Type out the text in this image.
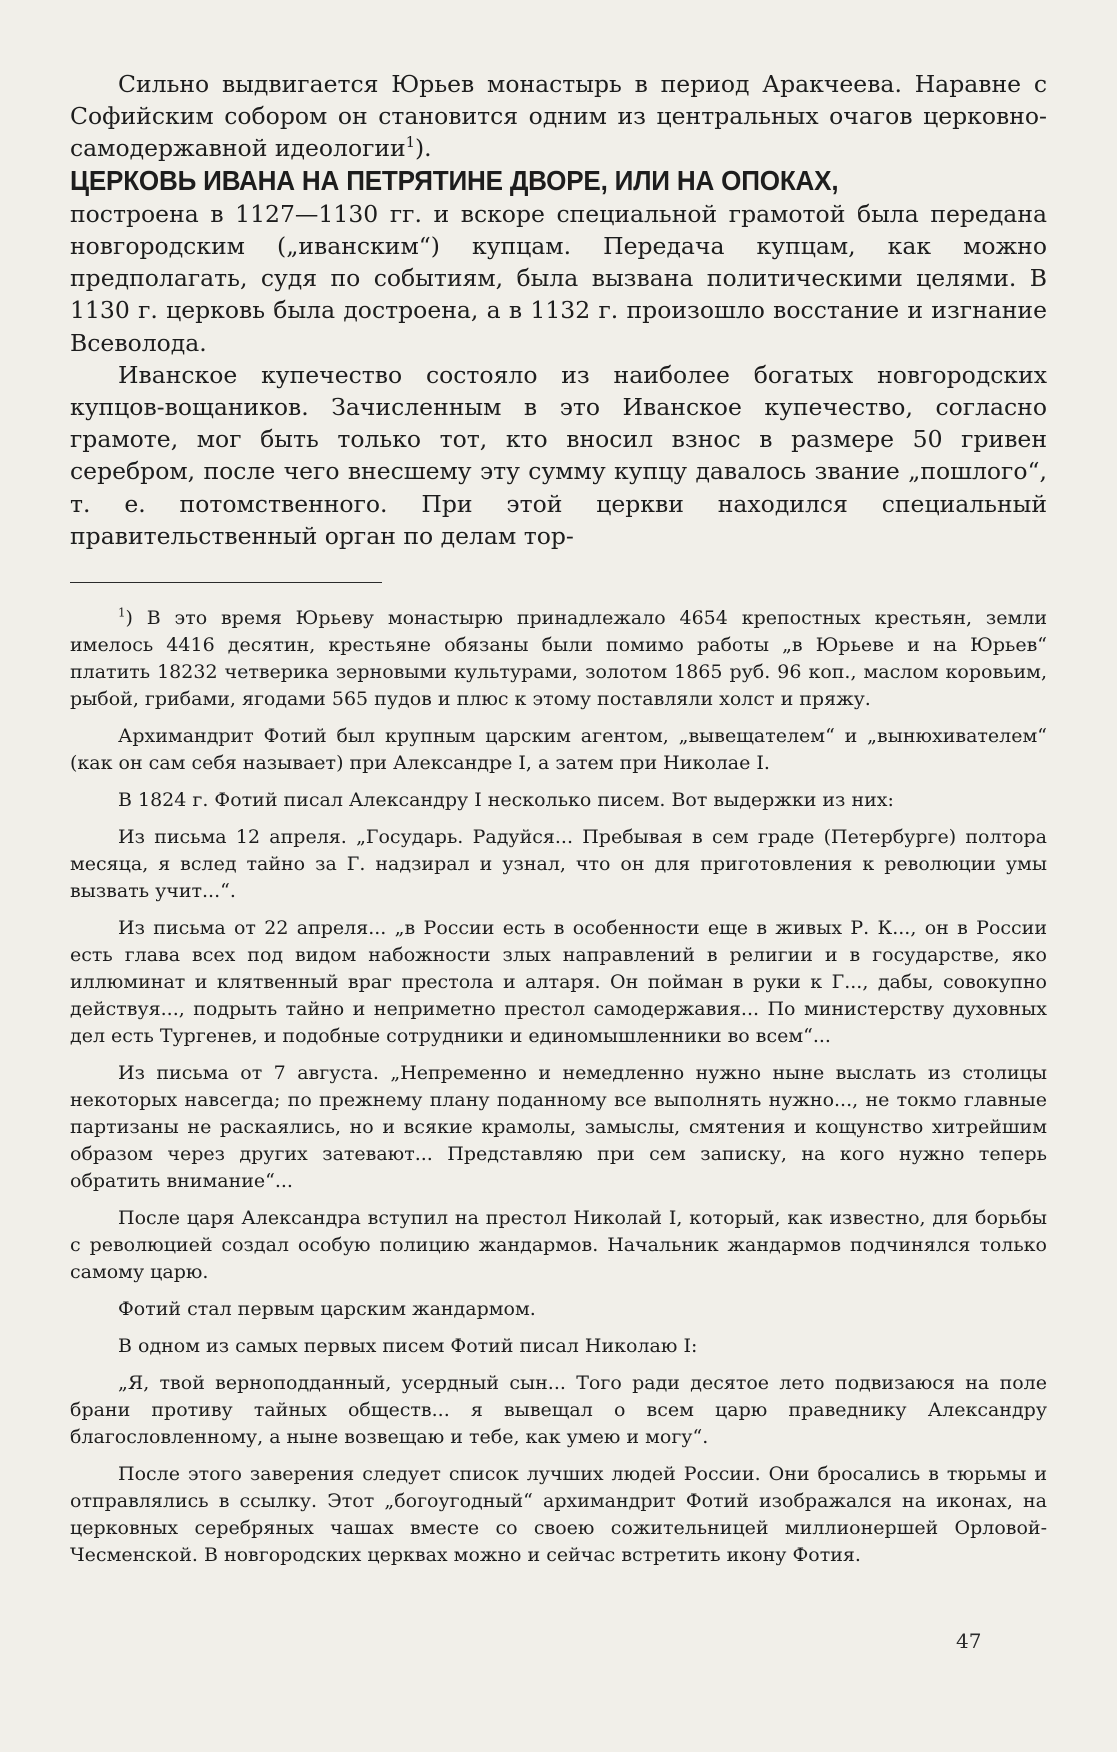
Сильно выдвигается Юрьев монастырь в период Аракчеева. Наравне с Софийским собором он становится одним из центральных очагов церковно-самодержавной идеологии$^1$).

ЦЕРКОВЬ ИВАНА НА ПЕТРЯТИНЕ ДВОРЕ, ИЛИ НА ОПОКАХ,

построена в 1127—1130 гг. и вскоре специальной грамотой была передана новгородским („иванским“) купцам. Передача купцам, как можно предполагать, судя по событиям, была вызвана политическими целями. В 1130 г. церковь была достроена, а в 1132 г. произошло восстание и изгнание Всеволода.

Иванское купечество состояло из наиболее богатых новгородских купцов-вощаников. Зачисленным в это Иванское купечество, согласно грамоте, мог быть только тот, кто вносил взнос в размере 50 гривен серебром, после чего внесшему эту сумму купцу давалось звание „пошлого“, т. е. потомственного. При этой церкви находился специальный правительственный орган по делам тор-

$^1$) В это время Юрьеву монастырю принадлежало 4654 крепостных крестьян, земли имелось 4416 десятин, крестьяне обязаны были помимо работы „в Юрьеве и на Юрьев“ платить 18232 четверика зерновыми культурами, золотом 1865 руб. 96 коп., маслом коровьим, рыбой, грибами, ягодами 565 пудов и плюс к этому поставляли холст и пряжу.

Архимандрит Фотий был крупным царским агентом, „вывещателем“ и „вынюхивателем“ (как он сам себя называет) при Александре I, а затем при Николае I.

В 1824 г. Фотий писал Александру I несколько писем. Вот выдержки из них:

Из письма 12 апреля. „Государь. Радуйся... Пребывая в сем граде (Петербурге) полтора месяца, я вслед тайно за Г. надзирал и узнал, что он для приготовления к революции умы вызвать учит...“.

Из письма от 22 апреля... „в России есть в особенности еще в живых Р. К..., он в России есть глава всех под видом набожности злых направлений в религии и в государстве, яко иллюминат и клятвенный враг престола и алтаря. Он пойман в руки к Г..., дабы, совокупно действуя..., подрыть тайно и неприметно престол самодержавия... По министерству духовных дел есть Тургенев, и подобные сотрудники и единомышленники во всем“...

Из письма от 7 августа. „Непременно и немедленно нужно ныне выслать из столицы некоторых навсегда; по прежнему плану поданному все выполнять нужно..., не токмо главные партизаны не раскаялись, но и всякие крамолы, замыслы, смятения и кощунство хитрейшим образом через других затевают... Представляю при сем записку, на кого нужно теперь обратить внимание“...

После царя Александра вступил на престол Николай I, который, как известно, для борьбы с революцией создал особую полицию жандармов. Начальник жандармов подчинялся только самому царю.

Фотий стал первым царским жандармом.

В одном из самых первых писем Фотий писал Николаю I:

„Я, твой верноподданный, усердный сын... Того ради десятое лето подвизаюся на поле брани противу тайных обществ... я вывещал о всем царю праведнику Александру благословленному, а ныне возвещаю и тебе, как умею и могу“.

После этого заверения следует список лучших людей России. Они бросались в тюрьмы и отправлялись в ссылку. Этот „богоугодный“ архимандрит Фотий изображался на иконах, на церковных серебряных чашах вместе со своею сожительницей миллионершей Орловой-Чесменской. В новгородских церквах можно и сейчас встретить икону Фотия.

47
